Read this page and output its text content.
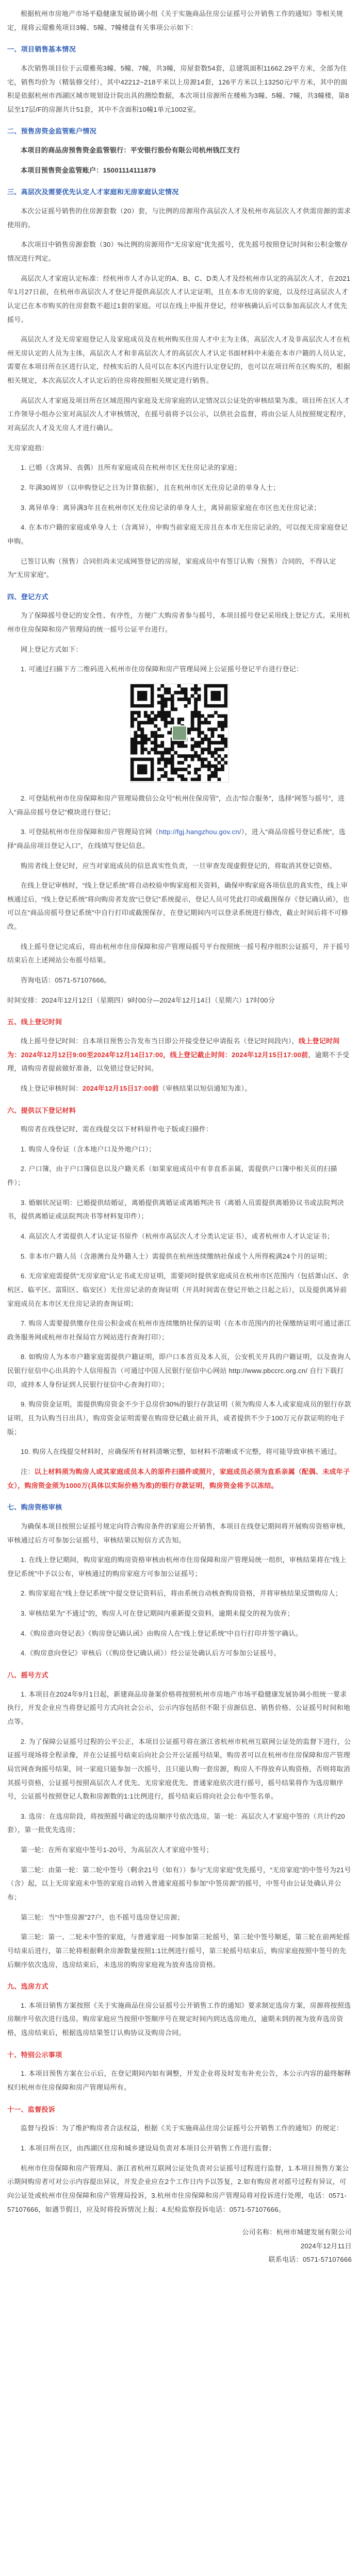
根据杭州市房地产市场平稳健康发展协调小组《关于实施商品住房公证摇号公开销售工作的通知》等相关规定，现将云璟雅苑项目3幢、5幢、7幢楼盘有关事项公示如下：

一、项目销售基本情况

本次销售项目位于云璟雅苑3幢、5幢、7幢，共3幢，房屋套数54套，总建筑面积11662.29平方米，全部为住宅，销售均价为（精装修交付），其中42212~218平米以上房源14套，126平方米以上13250元/平方米，其中的面积是依据杭州市西湖区城市规划设计院出具的测绘数据，本次项目房源所在楼栋为3幢、5幢、7幢，共3幢楼，第8层至17层/F的房源共计51套，其中不含面积10幢1单元1002室。

二、预售房资金监管账户情况

本项目的商品房预售资金监管银行：平安银行股份有限公司杭州钱江支行

本项目预售资金监管账户：15001114111879

三、高层次及需要优先认定人才家庭和无房家庭认定情况

本次公证摇号销售的住房源套数（20）套，与比例的房源用作高层次人才及杭州市高层次人才供需房源的需求使用的。

本次项目中销售房源套数（30）%比例的房源用作“无房家庭”优先摇号，优先摇号按照登记时间和公积金缴存情况进行判定。

高层次人才家庭认定标准：经杭州市人才办认定的A、B、C、D类人才及经杭州市认定的高层次人才，在2021年1月27日前，在杭州市高层次人才登记并提供高层次人才认定证明，且在本市无房的家庭，以及经过高层次人才认定已在本市购买的住房套数不超过1套的家庭。可以在线上申报并登记，经审核确认后可以参加高层次人才优先摇号。

高层次人才及无房家庭登记人及家庭成员及在杭州购买住房人才中主为主体，高层次人才及非高层次人才在杭州无房认定的人员为主体，高层次人才和非高层次人才的高层次人才认定书面材料中未能在本市户籍的人员认定，需要在本项目所在区进行认定，经核实后的人员可以在本区内进行认定登记的，也可以在项目所在区购买的，根据相关规定，本次高层次人才认定后的住房将按照相关规定进行销售。

高层次人才家庭及项目所在区域范围内家庭及无房家庭的认定情况以公证处的审核结果为准。项目所在区人才工作领导小组办公室对高层次人才审核情况，在摇号前将予以公示，以供社会监督，将由公证人员按照规定程序，对高层次人才及无房人才进行确认。

无房家庭指：

1. 已婚（含离异、丧偶）且所有家庭成员在杭州市区无住房记录的家庭；

2. 年满30周岁（以申购登记之日为计算依据），且在杭州市区无住房记录的单身人士；

3. 离异单身：离异满3年且在杭州市区无住房记录的单身人士，离异前原家庭在市区也无住房记录；

4. 在本市户籍的家庭或单身人士（含离异），申购当前家庭无房且在本市无住房记录的，可以按无房家庭登记申购。

已签订认购（预售）合同但尚未完成网签登记的房屋，家庭成员中有签订认购（预售）合同的，不得认定为“无房家庭”。

四、登记方式

为了保障摇号登记的安全性、有序性，方便广大购房者参与摇号，本项目摇号登记采用线上登记方式。采用杭州市住房保障和房产管理局的统一摇号公证平台进行。

网上登记方式如下：

1. 可通过扫描下方二维码进入杭州市住房保障和房产管理局网上公证摇号登记平台进行登记：

2. 可登陆杭州市住房保障和房产管理局微信公众号“杭州住保房管”，点击“综合服务”，选择“网签与摇号”，进入“商品房摇号登记”模块进行登记；

3. 可登陆杭州市住房保障和房产管理局官网（http://fgj.hangzhou.gov.cn/），进入“商品房摇号登记系统”，选择“商品房项目登记入口”，在线填写登记信息。

购房者线上登记时，应当对家庭成员的信息真实性负责，一旦审查发现虚假登记的，将取消其登记资格。

在线上登记审核时，“线上登记系统”将自动校验申购家庭相关资料，确保申购家庭各项信息的真实性，线上审核通过后，“线上登记系统”将向购房者发放“已登记”系统提示，登记人员可凭此打印或截图保存《登记确认函》，也可以在“商品房摇号登记系统”中自行打印或截图保存，在登记期间内可以登录系统进行修改，截止时间后将不可修改。

线上摇号登记完成后，将由杭州市住房保障和房产管理局摇号平台按照统一摇号程序组织公证摇号，并于摇号结束后在上述网站公布摇号结果。

咨询电话：0571-57107666。

时间安排：2024年12月12日（星期四）9时00分—2024年12月14日（星期六）17时00分

五、线上登记时间

线上摇号登记时间：自本项目预售公告发布当日即公开接受登记申请报名（登记时间段内），线上登记时间为：2024年12月12日9:00至2024年12月14日17:00，线上登记截止时间：2024年12月15日17:00前，逾期不予受理，请购房者提前做好准备，以免错过登记时间。

线上登记审核时间：2024年12月15日17:00前（审核结果以短信通知为准）。

六、提供以下登记材料

购房者在线登记时，需在线提交以下材料原件电子版或扫描件：

1. 购房人身份证（含本地户口及外地户口）；

2. 户口簿，由于户口簿信息以及户籍关系（如果家庭成员中有非直系亲属，需提供户口簿中相关页的扫描件）；

3. 婚姻状况证明：已婚提供结婚证，离婚提供离婚证或离婚判决书（离婚人员需提供离婚协议书或法院判决书，提供离婚证或法院判决书等材料复印件）；

4. 高层次人才需提供人才认定证书原件（杭州市高层次人才分类认定证书），或者杭州市人才认定证书；

5. 非本市户籍人员（含港澳台及外籍人士）需提供在杭州连续缴纳社保或个人所得税满24个月的证明；

6. 无房家庭需提供“无房家庭”认定书或无房证明，需要同时提供家庭成员在杭州市区范围内（包括萧山区、余杭区、临平区、富阳区、临安区）无住房记录的查询证明（开具时间需在登记开始之日起之后），以及提供离异前家庭成员在本市区无住房记录的查询证明；

7. 购房人需要提供缴存住房公积金或在杭州市连续缴纳社保的证明（在本市范围内的社保缴纳证明可通过浙江政务服务网或杭州市社保局官方网站进行查询打印）；

8. 如购房人为本市户籍家庭需提供户籍证明，即户口本首页及本人页，公安机关开具的户籍证明，以及查询人民银行征信中心出具的个人信用报告（可通过中国人民银行征信中心网站 http://www.pbccrc.org.cn/ 自行下载打印，或持本人身份证到人民银行征信中心查询打印）；

9. 购房资金证明，需提供购房资金不少于总房价30%的银行存款证明（须为购房人本人或家庭成员的银行存款证明，且为认购当日出具），购房资金证明需要在购房登记截止前开具，或者提供不少于100万元存款证明的电子版；

10. 购房人在线提交材料时，应确保所有材料清晰完整，如材料不清晰或不完整，将可能导致审核不通过。

注：以上材料须为购房人或其家庭成员本人的原件扫描件或照片，家庭成员必须为直系亲属（配偶、未成年子女），购房资金须为1000万(具体以实际价格为准)的银行存款证明，购房资金将予以冻结。

七、购房资格审核

为确保本项目按照公证摇号规定向符合购房条件的家庭公开销售，本项目在线登记期间将开展购房资格审核，审核通过后方可参加公证摇号，审核结果以短信方式告知。

1. 在线上登记期间，购房家庭的购房资格审核由杭州市住房保障和房产管理局统一组织，审核结果将在“线上登记系统”中予以公布，审核通过的购房家庭方可参加公证摇号；

2. 购房家庭在“线上登记系统”中提交登记资料后，将由系统自动核查购房资格，并将审核结果反馈购房人；

3. 审核结果为“不通过”的，购房人可在登记期间内重新提交资料，逾期未提交的视为放弃；

4.《购房意向登记表》《购房登记确认函》由购房人在“线上登记系统”中自行打印并签字确认。

4.《购房意向登记》审核后（《购房登记确认函》）经公证处确认后方可参加公证摇号。

八、摇号方式

1. 本项目在2024年9月1日起，新建商品房备案价格将按照杭州市房地产市场平稳健康发展协调小组统一要求执行，开发企业应当将登记摇号方式向社会公示，公示内容包括但不限于房源信息、销售价格、公证摇号时间和地点等。

2. 为了保障公证摇号过程的公平公正，本项目公证摇号将在浙江省杭州市杭州互联网公证处的监督下进行，公证摇号现场将全程录像，并在公证摇号结束后向社会公开公证摇号结果，购房者可以在杭州市住房保障和房产管理局官网查询摇号结果，同一家庭只能参加一次摇号，且只能认购一套房源，购房人不得放弃认购资格，否则将取消其摇号资格，公证摇号按照高层次人才优先、无房家庭优先、普通家庭依次进行摇号，摇号结果将作为选房顺序号，公证摇号按照登记人数和房源数的1:1比例进行，摇号结束后将向社会公布中签名单。

3. 选房：在选房阶段，将按照摇号确定的选房顺序号依次选房，第一轮：高层次人才家庭中签的（共计约20套），第一批优先选房；

第一轮：在所有家庭中签号1-20号，为高层次人才家庭中签号；

第二轮：由第一轮：第二轮中签号（剩余21号（如有））参与“无房家庭”优先摇号，“无房家庭”的中签号为21号（含）起，以上无房家庭未中签的家庭自动转入普通家庭摇号参加“中签房源”的摇号，中签号由公证处确认并公布；

第三轮：当“中签房源”27户，也不摇号选房登记房源；

第三轮：第一、二轮未中签的家庭，与普通家庭一同参加第三轮摇号，第三轮中签号顺延，第三轮在前两轮摇号结束后进行，第三轮将根据剩余房源数量按照1:1比例进行摇号，第三轮摇号结束后，购房家庭按照中签号的先后顺序依次选房，选房结束后，未选房的购房家庭视为放弃选房资格。

九、选房方式

1. 本项目销售方案按照《关于实施商品住房公证摇号公开销售工作的通知》要求制定选房方案，房源将按照选房顺序号依次进行选房。购房家庭应当按照中签顺序号在规定时间内到达选房地点，逾期未到的视为放弃选房资格，选房结束后，根据选房结果签订认购协议及购房合同。

十、特别公示事项

1. 本项目预售方案在公示后，在登记期间内如有调整，开发企业将及时发布补充公告，本公示内容的最终解释权归杭州市住房保障和房产管理局所有。

十一、监督投诉

监督与投诉：为了维护购房者合法权益，根据《关于实施商品住房公证摇号公开销售工作的通知》的规定：

1. 本项目所在区，由西湖区住房和城乡建设局负责对本项目公开销售工作进行监督；

杭州市住房保障和房产管理局、浙江省杭州互联网公证处负责对公证摇号过程进行监督，1.本项目预售方案公示期间购房者可对公示内容提出异议，开发企业应在2个工作日内予以答复，2.如有购房者对摇号过程有异议，可向公证处或杭州市住房保障和房产管理局投诉，3.杭州市住房保障和房产管理局将对投诉进行处理，电话：0571-57107666，如遇节假日，应及时将投诉情况上报；4.纪检监察投诉电话：0571-57107666。

公司名称：杭州市城建发展有限公司

2024年12月11日

联系电话：0571-57107666
